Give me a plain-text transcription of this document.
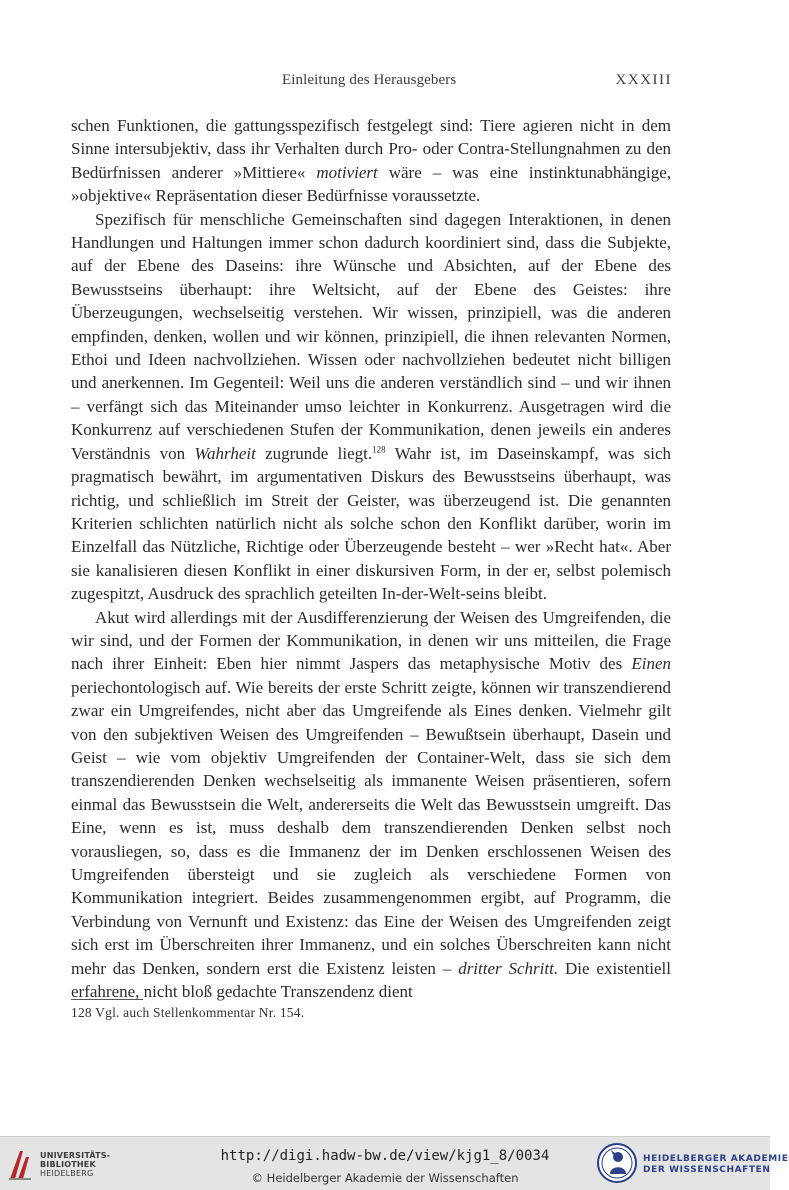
Einleitung des Herausgebers	XXXIII

schen Funktionen, die gattungsspezifisch festgelegt sind: Tiere agieren nicht in dem Sinne intersubjektiv, dass ihr Verhalten durch Pro- oder Contra-Stellungnahmen zu den Bedürfnissen anderer »Mittiere« motiviert wäre – was eine instinktunabhängige, »objektive« Repräsentation dieser Bedürfnisse voraussetzte.

Spezifisch für menschliche Gemeinschaften sind dagegen Interaktionen, in denen Handlungen und Haltungen immer schon dadurch koordiniert sind, dass die Subjekte, auf der Ebene des Daseins: ihre Wünsche und Absichten, auf der Ebene des Bewusstseins überhaupt: ihre Weltsicht, auf der Ebene des Geistes: ihre Überzeugungen, wechselseitig verstehen. Wir wissen, prinzipiell, was die anderen empfinden, denken, wollen und wir können, prinzipiell, die ihnen relevanten Normen, Ethoi und Ideen nachvollziehen. Wissen oder nachvollziehen bedeutet nicht billigen und anerkennen. Im Gegenteil: Weil uns die anderen verständlich sind – und wir ihnen – verfängt sich das Miteinander umso leichter in Konkurrenz. Ausgetragen wird die Konkurrenz auf verschiedenen Stufen der Kommunikation, denen jeweils ein anderes Verständnis von Wahrheit zugrunde liegt.$^{128}$ Wahr ist, im Daseinskampf, was sich pragmatisch bewährt, im argumentativen Diskurs des Bewusstseins überhaupt, was richtig, und schließlich im Streit der Geister, was überzeugend ist. Die genannten Kriterien schlichten natürlich nicht als solche schon den Konflikt darüber, worin im Einzelfall das Nützliche, Richtige oder Überzeugende besteht – wer »Recht hat«. Aber sie kanalisieren diesen Konflikt in einer diskursiven Form, in der er, selbst polemisch zugespitzt, Ausdruck des sprachlich geteilten In-der-Welt-seins bleibt.

Akut wird allerdings mit der Ausdifferenzierung der Weisen des Umgreifenden, die wir sind, und der Formen der Kommunikation, in denen wir uns mitteilen, die Frage nach ihrer Einheit: Eben hier nimmt Jaspers das metaphysische Motiv des Einen periechontologisch auf. Wie bereits der erste Schritt zeigte, können wir transzendierend zwar ein Umgreifendes, nicht aber das Umgreifende als Eines denken. Vielmehr gilt von den subjektiven Weisen des Umgreifenden – Bewußtsein überhaupt, Dasein und Geist – wie vom objektiv Umgreifenden der Container-Welt, dass sie sich dem transzendierenden Denken wechselseitig als immanente Weisen präsentieren, sofern einmal das Bewusstsein die Welt, andererseits die Welt das Bewusstsein umgreift. Das Eine, wenn es ist, muss deshalb dem transzendierenden Denken selbst noch vorausliegen, so, dass es die Immanenz der im Denken erschlossenen Weisen des Umgreifenden übersteigt und sie zugleich als verschiedene Formen von Kommunikation integriert. Beides zusammengenommen ergibt, auf Programm, die Verbindung von Vernunft und Existenz: das Eine der Weisen des Umgreifenden zeigt sich erst im Überschreiten ihrer Immanenz, und ein solches Überschreiten kann nicht mehr das Denken, sondern erst die Existenz leisten – dritter Schritt. Die existentiell erfahrene, nicht bloß gedachte Transzendenz dient

128 Vgl. auch Stellenkommentar Nr. 154.
UNIVERSITÄTS-
BIBLIOTHEK
HEIDELBERG
http://digi.hadw-bw.de/view/kjg1_8/0034
© Heidelberger Akademie der Wissenschaften
HEIDELBERGER AKADEMIE
DER WISSENSCHAFTEN
